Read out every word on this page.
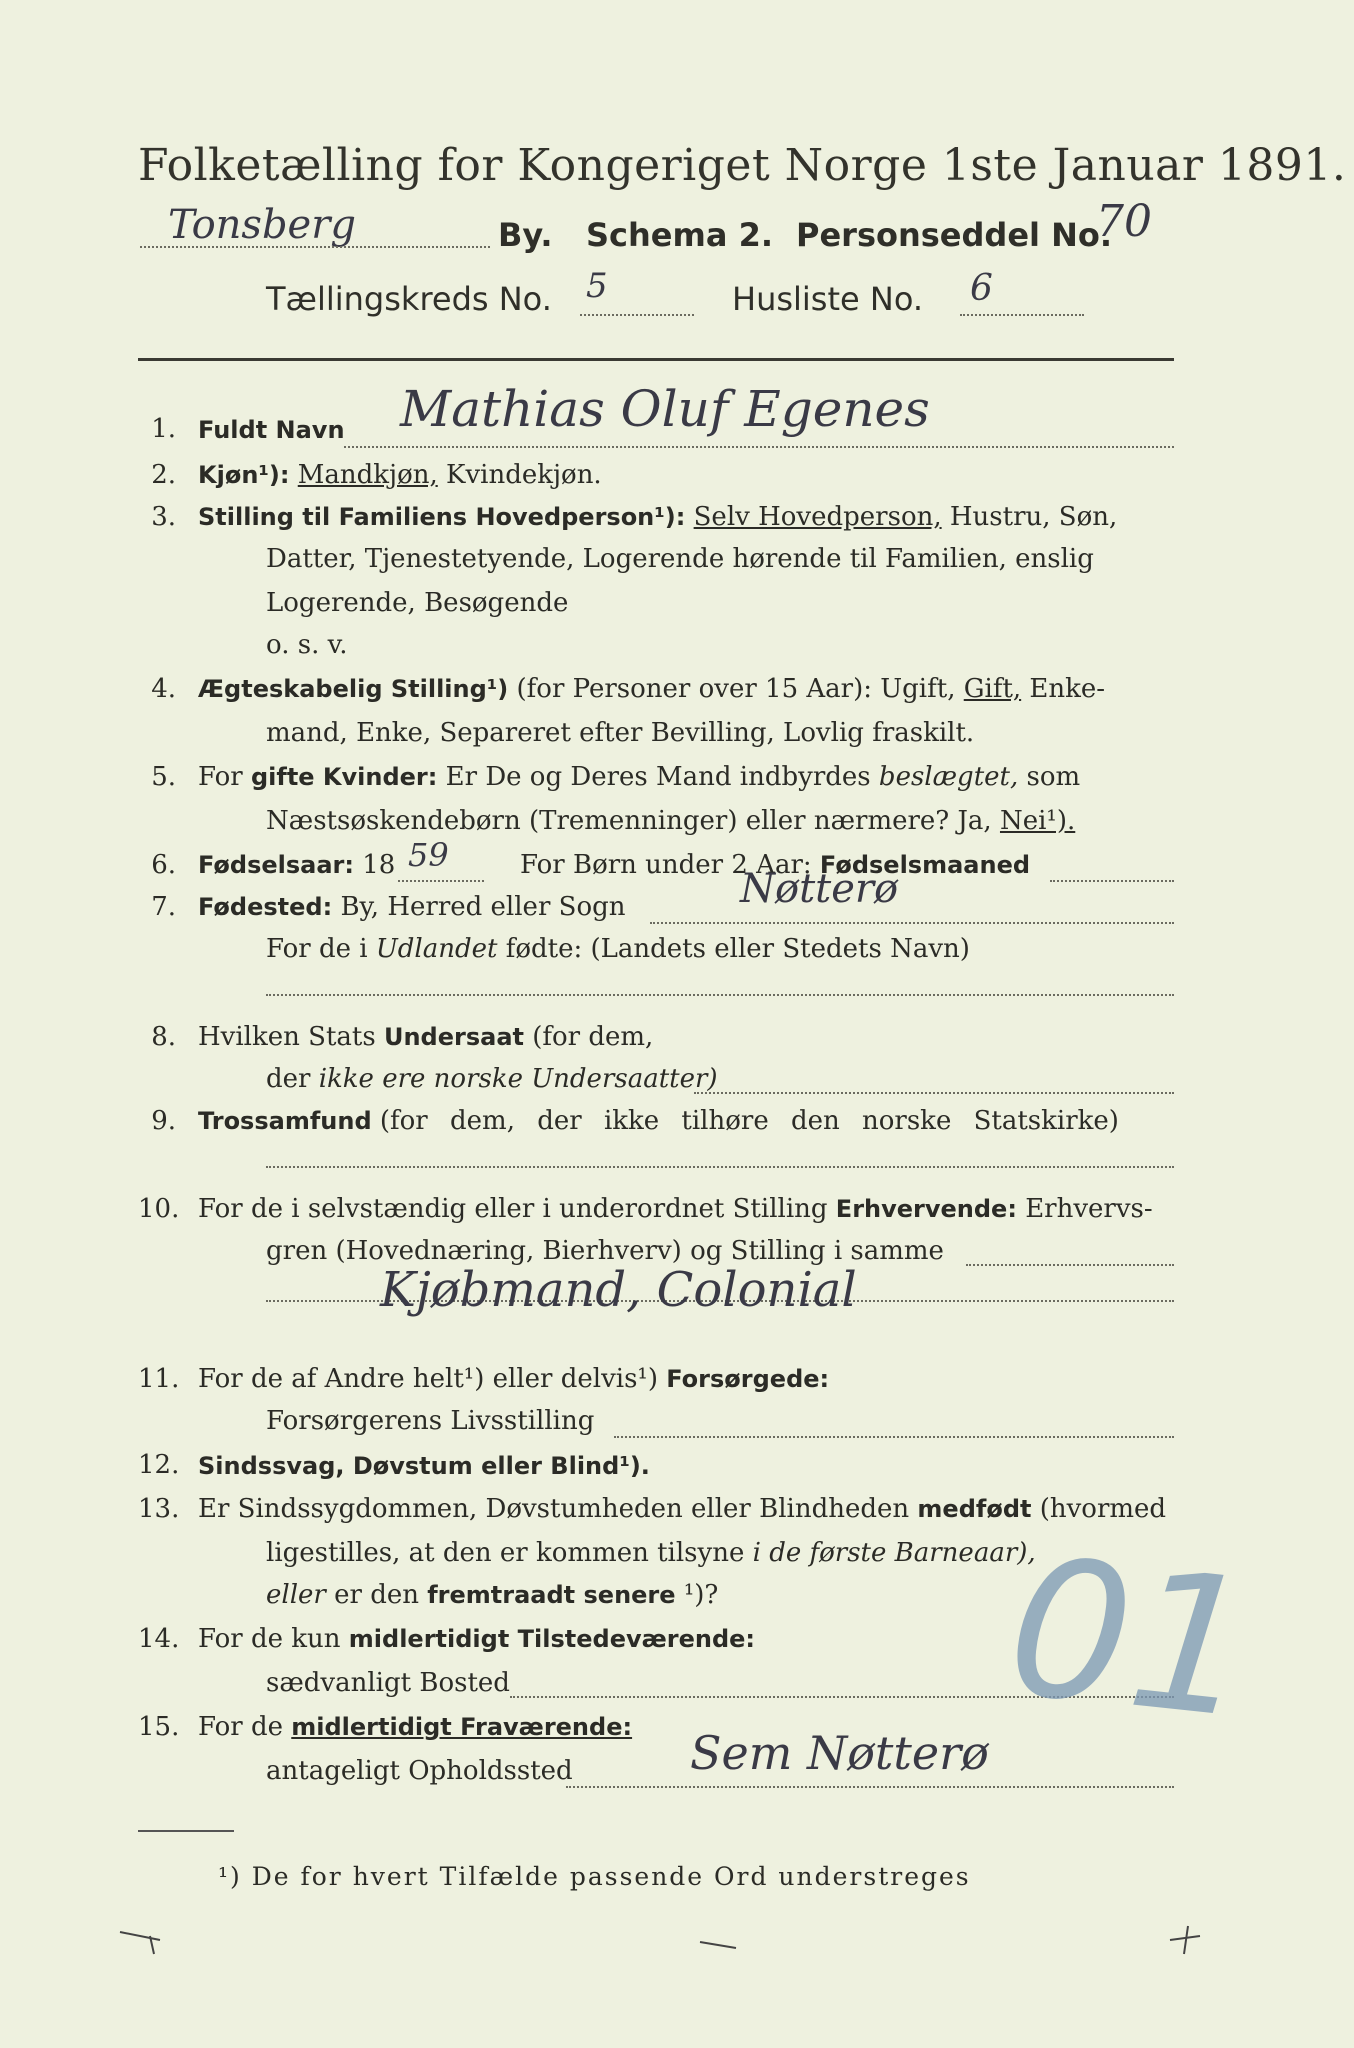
Folketælling for Kongeriget Norge 1ste Januar 1891.
Tonsberg	By. Schema 2. Personseddel No.
70
Tællingskreds No. 5	Husliste No. 6
1. Fuldt Navn Mathias Oluf Egenes
2. Kjøn¹): Mandkjøn, Kvindekjøn.
3. Stilling til Familiens Hovedperson¹): Selv Hovedperson, Hustru, Søn,
Datter, Tjenestetyende, Logerende hørende til Familien, enslig
Logerende, Besøgende
o. s. v.
4. Ægteskabelig Stilling¹) (for Personer over 15 Aar): Ugift, Gift, Enke-
mand, Enke, Separeret efter Bevilling, Lovlig fraskilt.
5. For gifte Kvinder: Er De og Deres Mand indbyrdes beslægtet, som
Næstsøskendebørn (Tremenninger) eller nærmere? Ja, Nei¹).
6. Fødselsaar: 18 59	For Børn under 2 Aar: Fødselsmaaned
7. Fødested: By, Herred eller Sogn	Nøtterø
For de i Udlandet fødte: (Landets eller Stedets Navn)
8. Hvilken Stats Undersaat (for dem,
der ikke ere norske Undersaatter)
9. Trossamfund (for dem, der ikke tilhøre den norske Statskirke)
10. For de i selvstændig eller i underordnet Stilling Erhvervende: Erhvervs-
gren (Hovednæring, Bierhverv) og Stilling i samme
Kjøbmand, Colonial
11. For de af Andre helt¹) eller delvis¹) Forsørgede:
Forsørgerens Livsstilling
12. Sindssvag, Døvstum eller Blind¹).
13. Er Sindssygdommen, Døvstumheden eller Blindheden medfødt (hvormed
ligestilles, at den er kommen tilsyne i de første Barneaar),
eller er den fremtraadt senere ¹)?
14. For de kun midlertidigt Tilstedeværende:
sædvanligt Bosted
15. For de midlertidigt Fraværende:
antageligt Opholdssted	Sem Nøtterø 01
¹) De for hvert Tilfælde passende Ord understreges
